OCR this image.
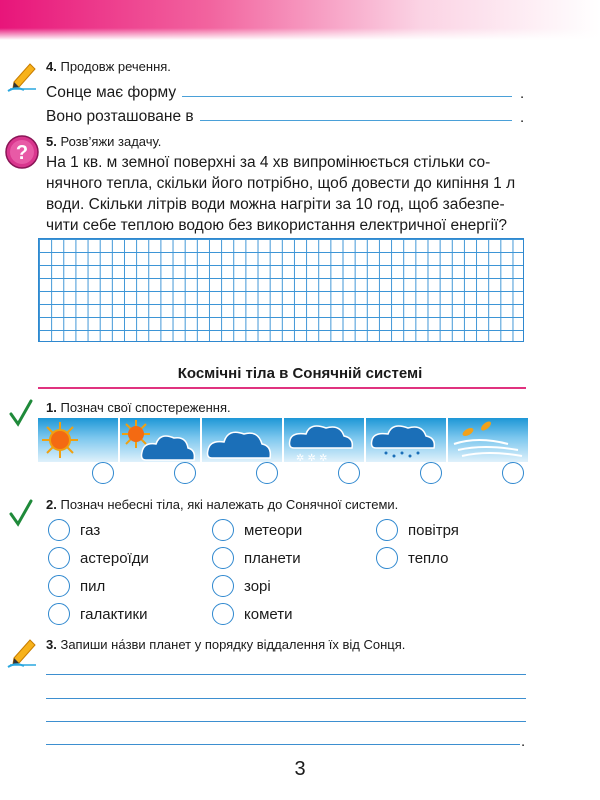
4. Продовж речення.
Сонце має форму	.
Воно розташоване в	.
?
5. Розв’яжи задачу.
На 1 кв. м земної поверхні за 4 хв випромінюється стільки со-
нячного тепла, скільки його потрібно, щоб довести до кипіння 1 л
води. Скільки літрів води можна нагріти за 10 год, щоб забезпе-
чити себе теплою водою без використання електричної енергії?
Космічні тіла в Сонячній системі
1. Познач свої спостереження.
✲ ✲ ✲
2. Познач небесні тіла, які належать до Сонячної системи.
газ
астероїди
пил
галактики
метеори
планети
зорі
комети
повітря
тепло
3. Запиши на́зви планет у порядку віддалення їх від Сонця.
.
3
